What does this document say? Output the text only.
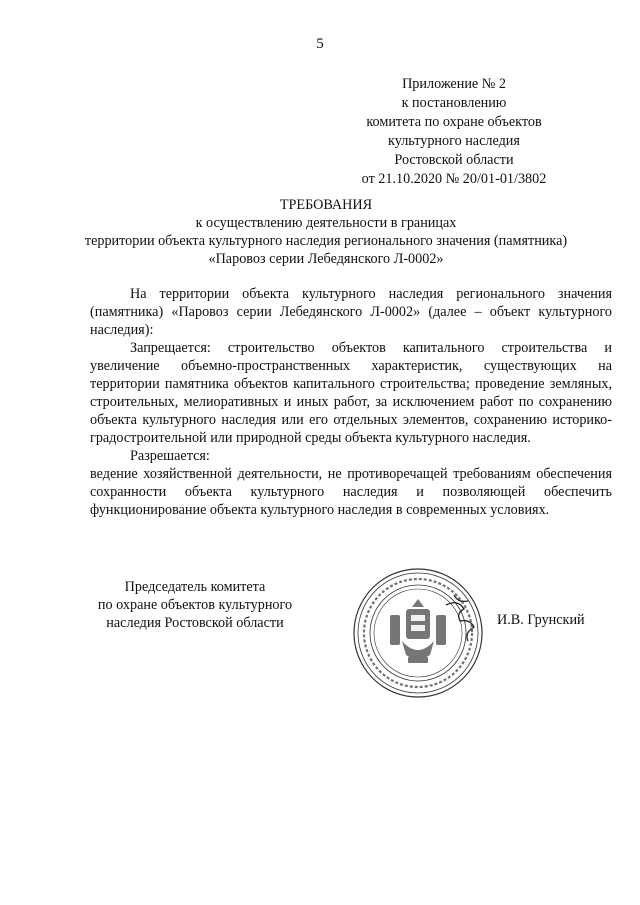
5
Приложение № 2
к постановлению
комитета по охране объектов
культурного наследия
Ростовской области
от 21.10.2020 № 20/01-01/3802
ТРЕБОВАНИЯ
к осуществлению деятельности в границах
территории объекта культурного наследия регионального значения (памятника)
«Паровоз серии Лебедянского Л-0002»

На территории объекта культурного наследия регионального значения (памятника) «Паровоз серии Лебедянского Л-0002» (далее – объект культурного наследия):

Запрещается: строительство объектов капитального строительства и увеличение объемно-пространственных характеристик, существующих на территории памятника объектов капитального строительства; проведение земляных, строительных, мелиоративных и иных работ, за исключением работ по сохранению объекта культурного наследия или его отдельных элементов, сохранению историко-градостроительной или природной среды объекта культурного наследия.

Разрешается:

ведение хозяйственной деятельности, не противоречащей требованиям обеспечения сохранности объекта культурного наследия и позволяющей обеспечить функционирование объекта культурного наследия в современных условиях.

Председатель комитета
по охране объектов культурного
наследия Ростовской области	И.В. Грунский
